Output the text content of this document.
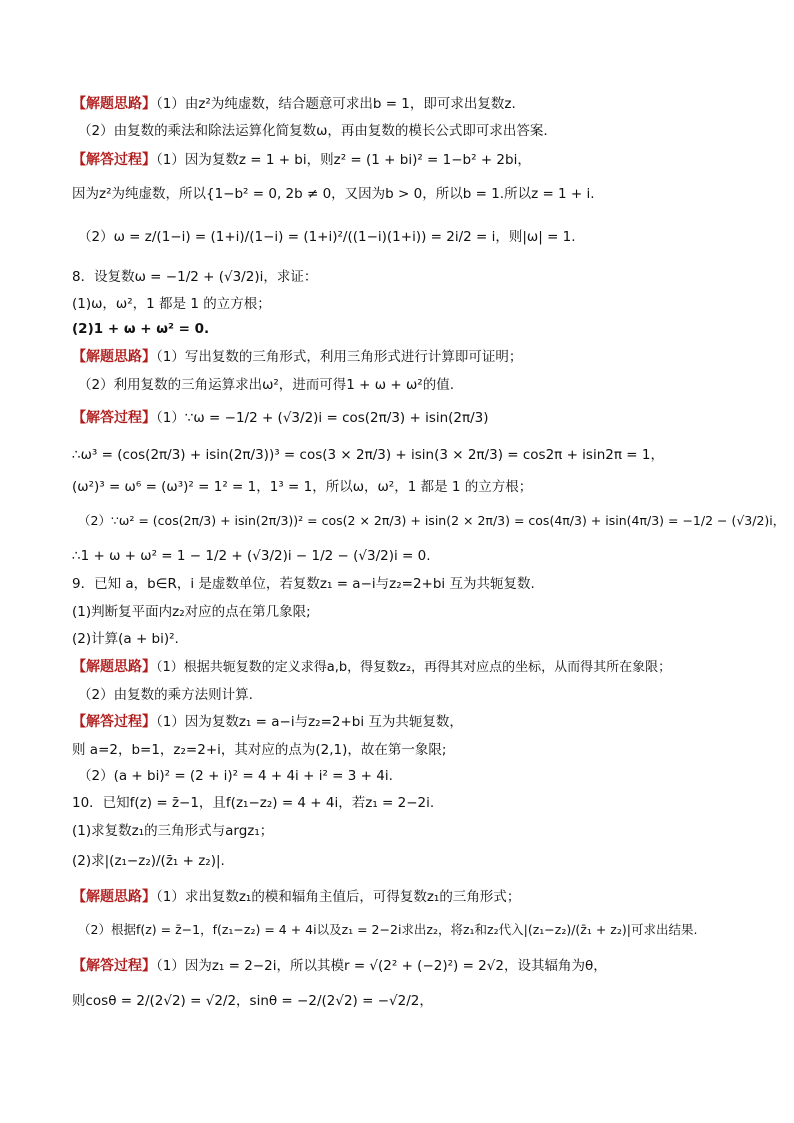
【解题思路】（1）由z²为纯虚数，结合题意可求出b = 1，即可求出复数z.
（2）由复数的乘法和除法运算化简复数ω，再由复数的模长公式即可求出答案.
【解答过程】（1）因为复数z = 1 + bi，则z² = (1 + bi)² = 1−b² + 2bi，
因为z²为纯虚数，所以{1−b² = 0, 2b ≠ 0，又因为b > 0，所以b = 1.所以z = 1 + i.
（2）ω = z/(1−i) = (1+i)/(1−i) = (1+i)²/((1−i)(1+i)) = 2i/2 = i，则|ω| = 1.
8．设复数ω = −1/2 + (√3/2)i，求证：
(1)ω，ω²，1 都是 1 的立方根；
(2)1 + ω + ω² = 0.
【解题思路】（1）写出复数的三角形式，利用三角形式进行计算即可证明；
（2）利用复数的三角运算求出ω²，进而可得1 + ω + ω²的值.
【解答过程】（1）∵ω = −1/2 + (√3/2)i = cos(2π/3) + isin(2π/3)
∴ω³ = (cos(2π/3) + isin(2π/3))³ = cos(3 × 2π/3) + isin(3 × 2π/3) = cos2π + isin2π = 1，
(ω²)³ = ω⁶ = (ω³)² = 1² = 1，1³ = 1，所以ω，ω²，1 都是 1 的立方根；
（2）∵ω² = (cos(2π/3) + isin(2π/3))² = cos(2 × 2π/3) + isin(2 × 2π/3) = cos(4π/3) + isin(4π/3) = −1/2 − (√3/2)i，
∴1 + ω + ω² = 1 − 1/2 + (√3/2)i − 1/2 − (√3/2)i = 0.
9．已知 a，b∈R，i 是虚数单位，若复数z₁ = a−i与z₂=2+bi 互为共轭复数.
(1)判断复平面内z₂对应的点在第几象限;
(2)计算(a + bi)².
【解题思路】（1）根据共轭复数的定义求得a,b，得复数z₂，再得其对应点的坐标，从而得其所在象限；
（2）由复数的乘方法则计算.
【解答过程】（1）因为复数z₁ = a−i与z₂=2+bi 互为共轭复数，
则 a=2，b=1，z₂=2+i，其对应的点为(2,1)，故在第一象限;
（2）(a + bi)² = (2 + i)² = 4 + 4i + i² = 3 + 4i.
10．已知f(z) = z̄−1，且f(z₁−z₂) = 4 + 4i，若z₁ = 2−2i.
(1)求复数z₁的三角形式与argz₁；
(2)求|(z₁−z₂)/(z̄₁ + z₂)|.
【解题思路】（1）求出复数z₁的模和辐角主值后，可得复数z₁的三角形式；
（2）根据f(z) = z̄−1，f(z₁−z₂) = 4 + 4i以及z₁ = 2−2i求出z₂，将z₁和z₂代入|(z₁−z₂)/(z̄₁ + z₂)|可求出结果.
【解答过程】（1）因为z₁ = 2−2i，所以其模r = √(2² + (−2)²) = 2√2，设其辐角为θ，
则cosθ = 2/(2√2) = √2/2，sinθ = −2/(2√2) = −√2/2，
